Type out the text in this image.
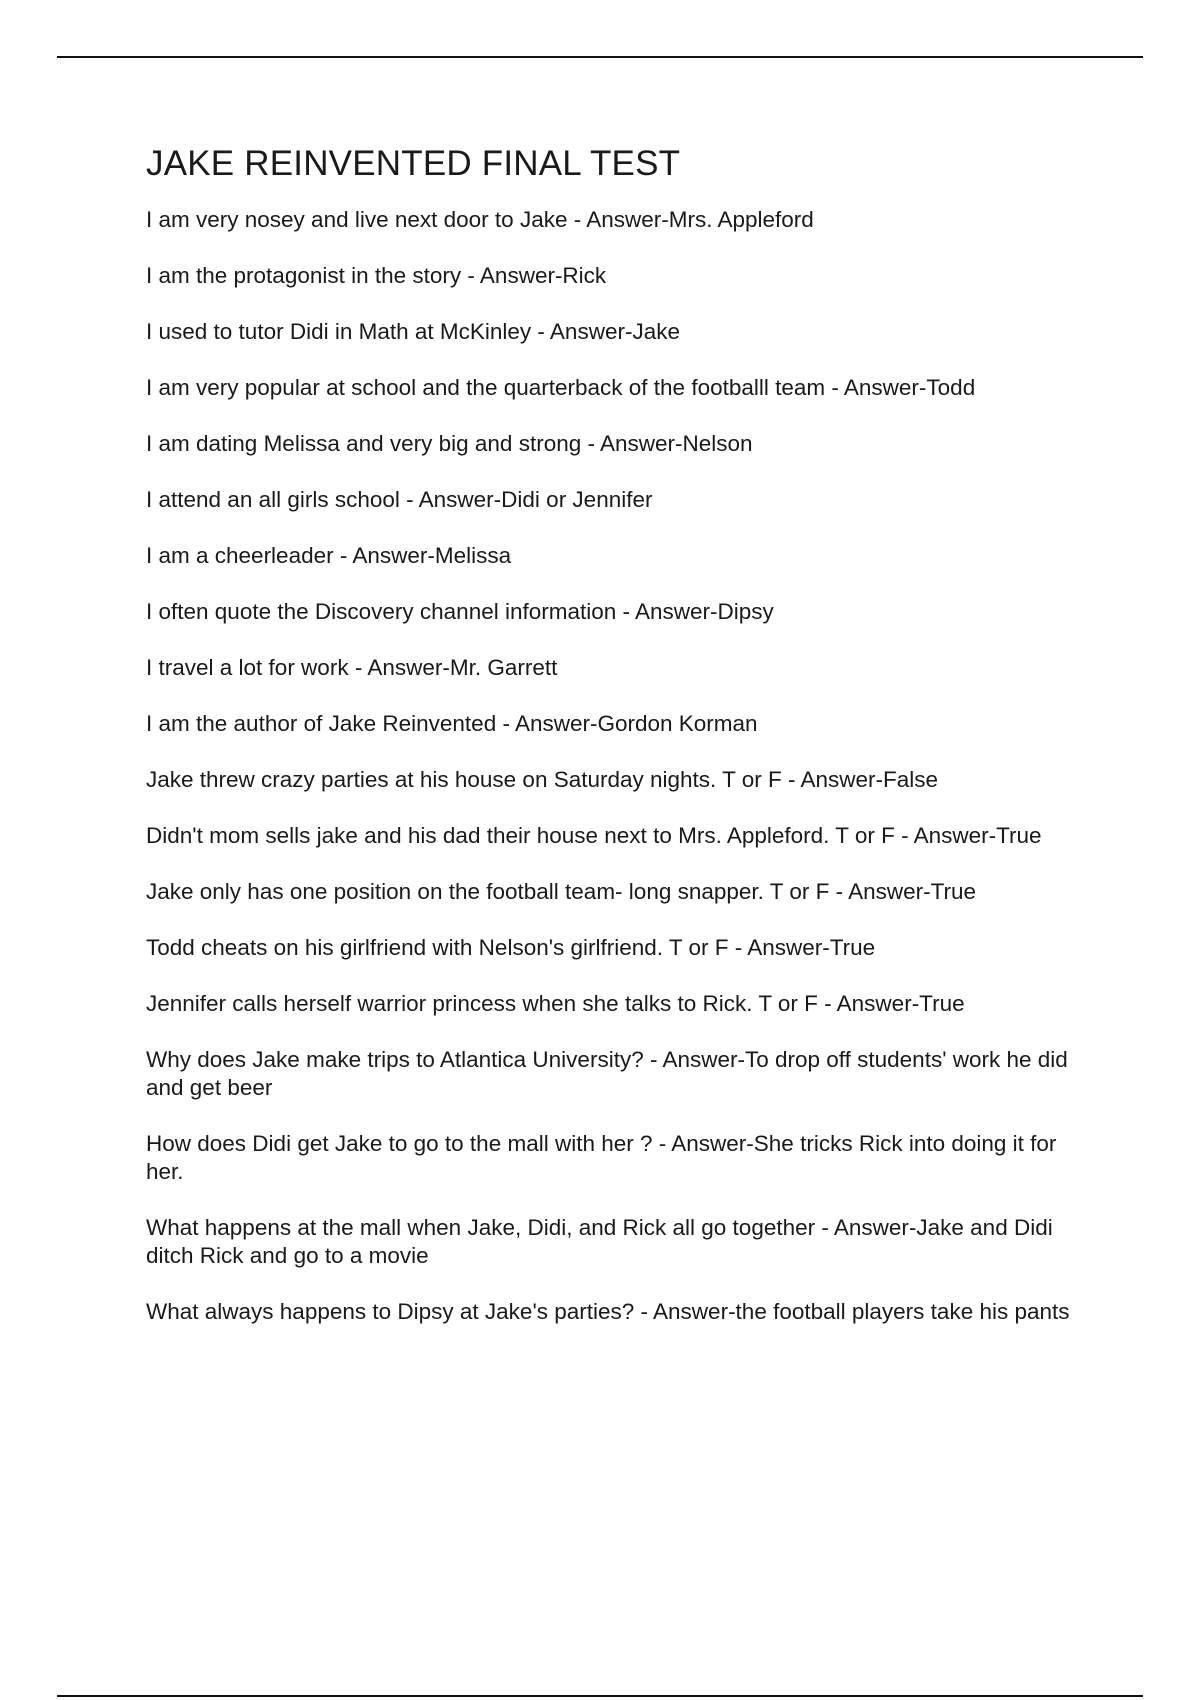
JAKE REINVENTED FINAL TEST
I am very nosey and live next door to Jake - Answer-Mrs. Appleford
I am the protagonist in the story - Answer-Rick
I used to tutor Didi in Math at McKinley - Answer-Jake
I am very popular at school and the quarterback of the footballl team - Answer-Todd
I am dating Melissa and very big and strong - Answer-Nelson
I attend an all girls school - Answer-Didi or Jennifer
I am a cheerleader - Answer-Melissa
I often quote the Discovery channel information - Answer-Dipsy
I travel a lot for work - Answer-Mr. Garrett
I am the author of Jake Reinvented - Answer-Gordon Korman
Jake threw crazy parties at his house on Saturday nights. T or F - Answer-False
Didn't mom sells jake and his dad their house next to Mrs. Appleford. T or F - Answer-True
Jake only has one position on the football team- long snapper. T or F - Answer-True
Todd cheats on his girlfriend with Nelson's girlfriend. T or F - Answer-True
Jennifer calls herself warrior princess when she talks to Rick. T or F - Answer-True
Why does Jake make trips to Atlantica University? - Answer-To drop off students' work he did and get beer
How does Didi get Jake to go to the mall with her ? - Answer-She tricks Rick into doing it for her.
What happens at the mall when Jake, Didi, and Rick all go together - Answer-Jake and Didi ditch Rick and go to a movie
What always happens to Dipsy at Jake's parties? - Answer-the football players take his pants
